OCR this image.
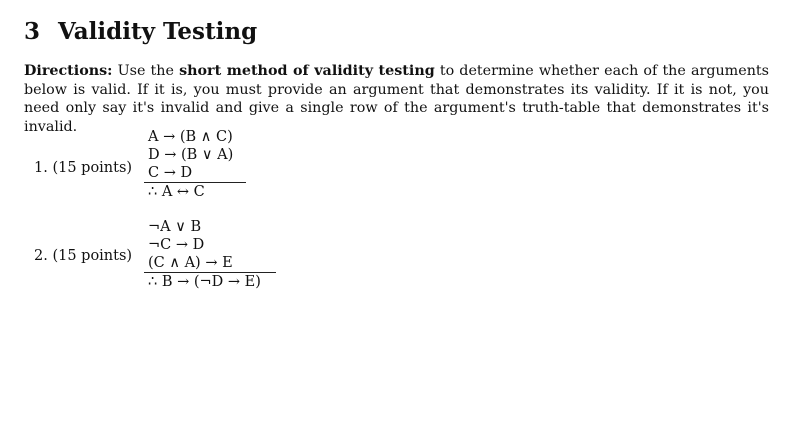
3 Validity Testing
Directions: Use the short method of validity testing to determine whether each of the arguments below is valid. If it is, you must provide an argument that demonstrates its validity. If it is not, you need only say it's invalid and give a single row of the argument's truth-table that demonstrates it's invalid.
1. (15 points)
A → (B ∧ C)
D → (B ∨ A)
C → D
∴ A ↔ C
2. (15 points)
¬A ∨ B
¬C → D
(C ∧ A) → E
∴ B → (¬D → E)
